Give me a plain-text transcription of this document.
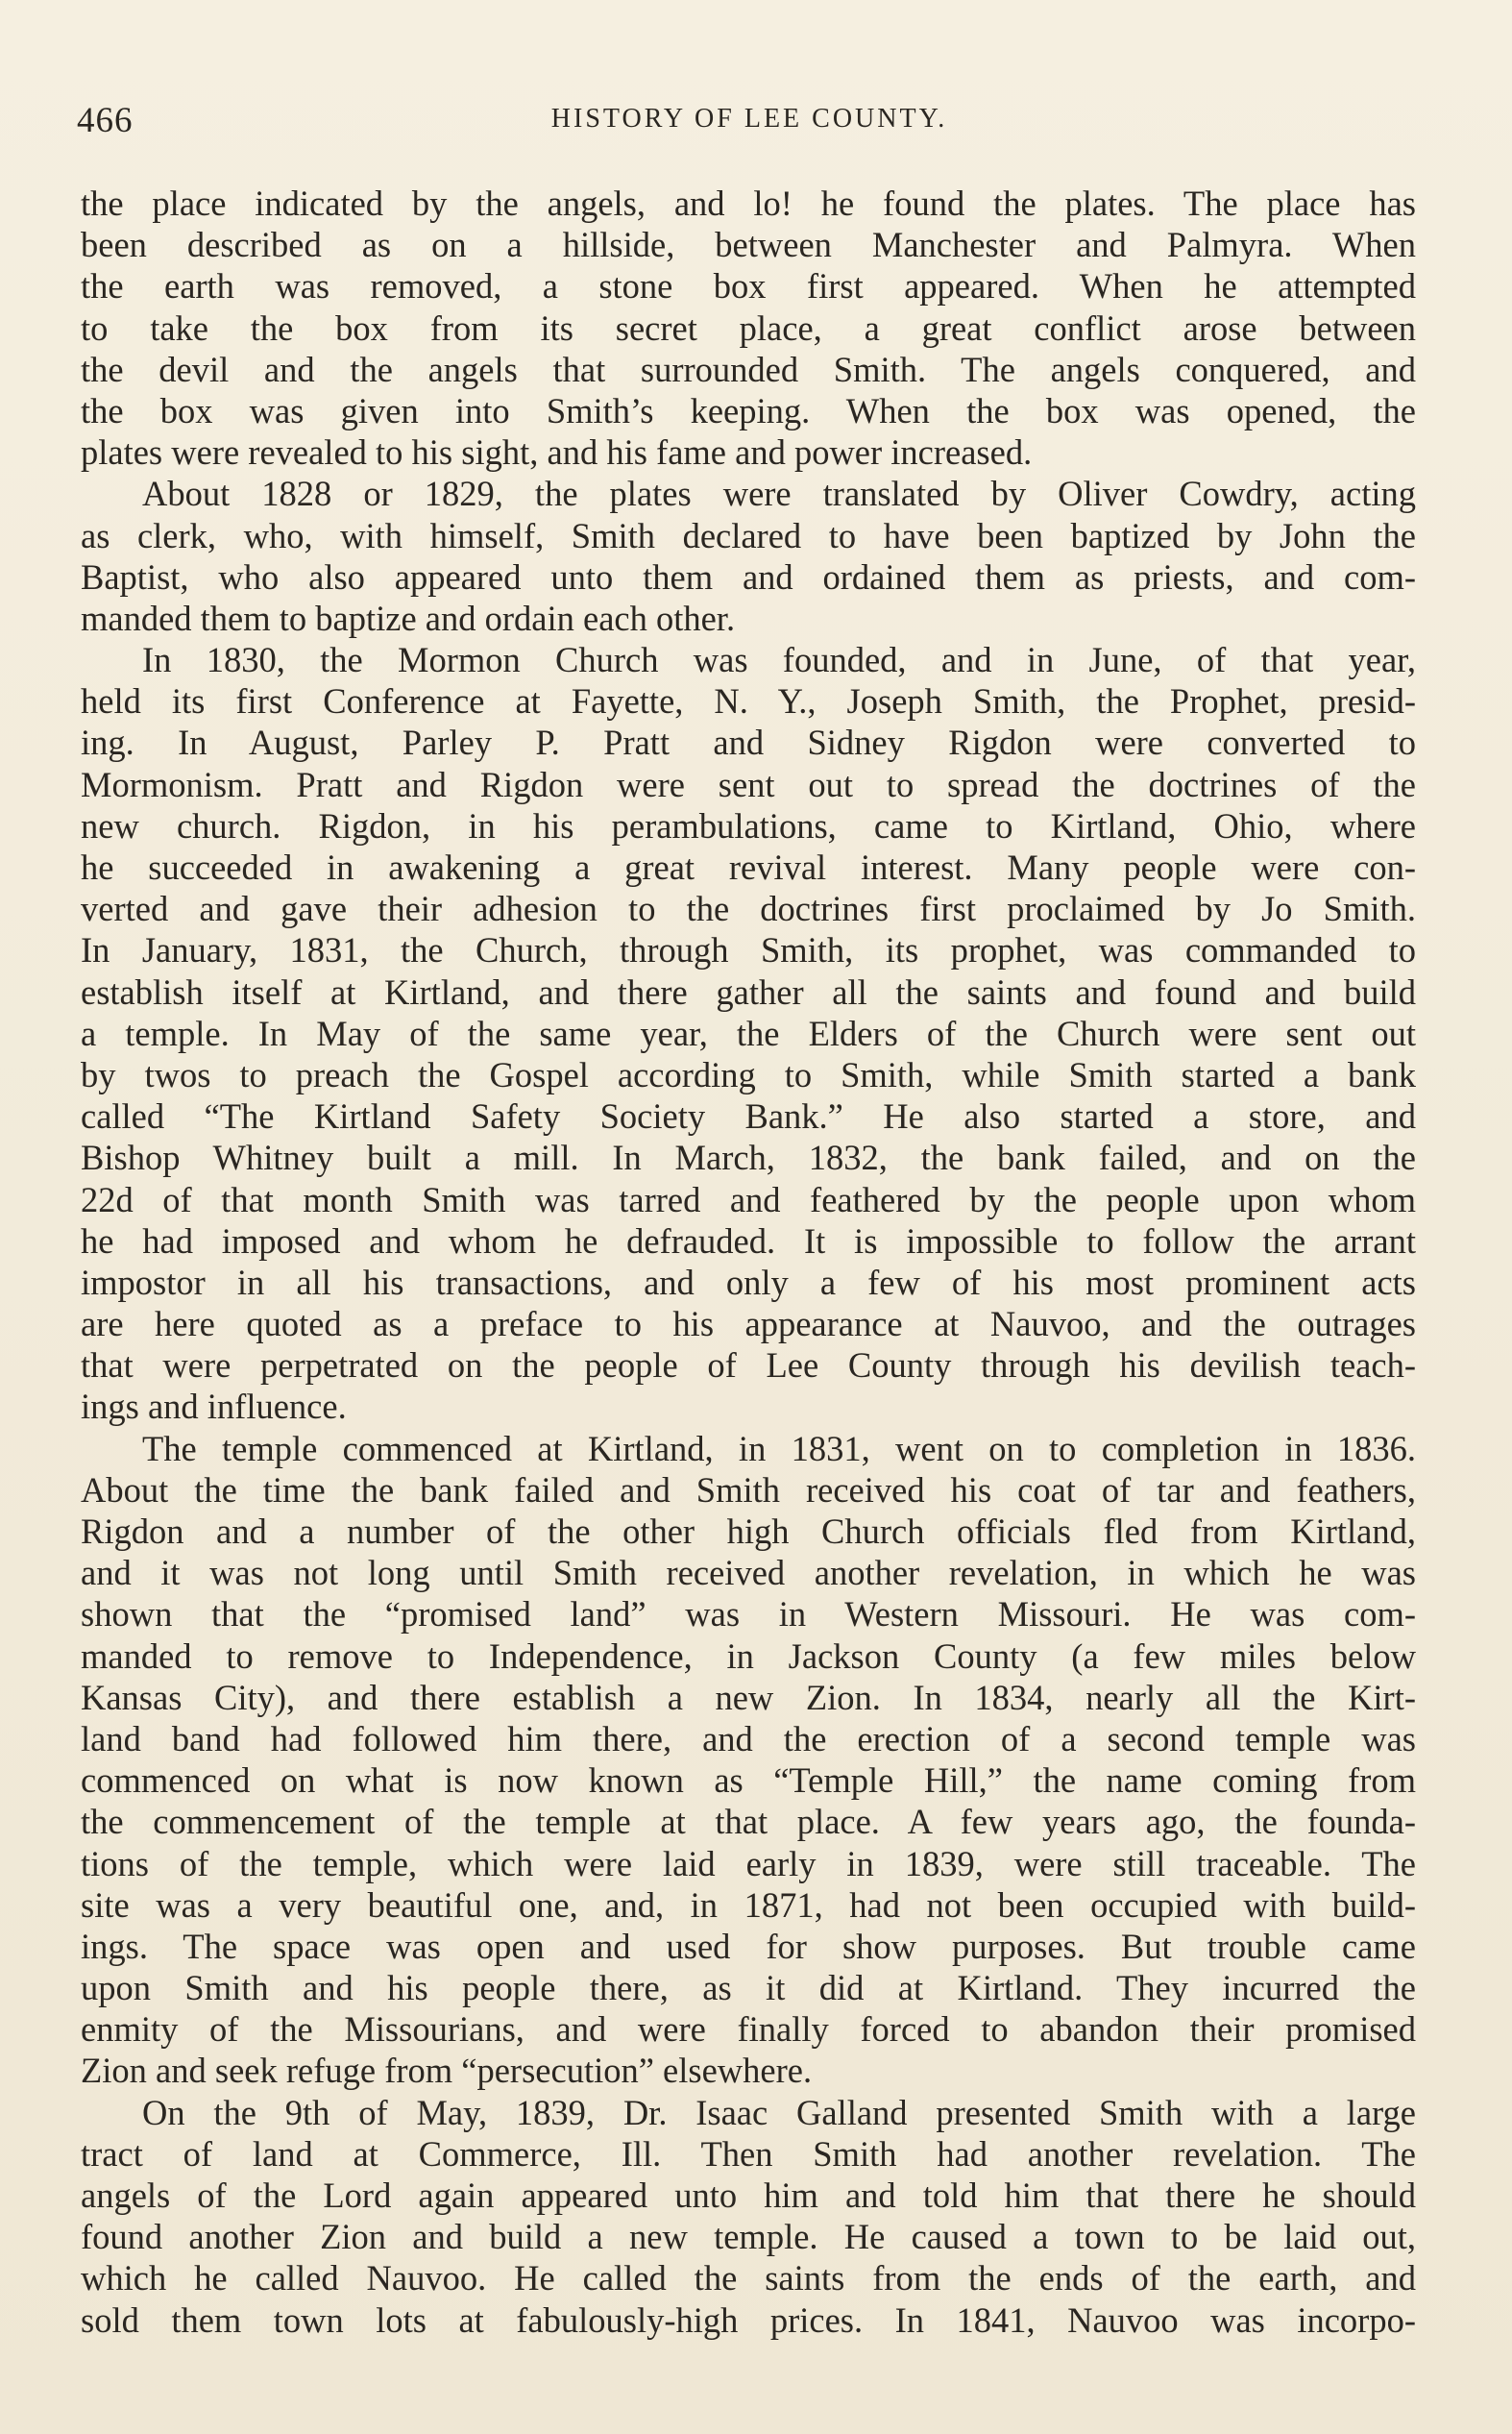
466	HISTORY OF LEE COUNTY.
the place indicated by the angels, and lo! he found the plates. The place has
been described as on a hillside, between Manchester and Palmyra. When
the earth was removed, a stone box first appeared. When he attempted
to take the box from its secret place, a great conflict arose between
the devil and the angels that surrounded Smith. The angels conquered, and
the box was given into Smith’s keeping. When the box was opened, the
plates were revealed to his sight, and his fame and power increased.
About 1828 or 1829, the plates were translated by Oliver Cowdry, acting
as clerk, who, with himself, Smith declared to have been baptized by John the
Baptist, who also appeared unto them and ordained them as priests, and com-
manded them to baptize and ordain each other.
In 1830, the Mormon Church was founded, and in June, of that year,
held its first Conference at Fayette, N. Y., Joseph Smith, the Prophet, presid-
ing. In August, Parley P. Pratt and Sidney Rigdon were converted to
Mormonism. Pratt and Rigdon were sent out to spread the doctrines of the
new church. Rigdon, in his perambulations, came to Kirtland, Ohio, where
he succeeded in awakening a great revival interest. Many people were con-
verted and gave their adhesion to the doctrines first proclaimed by Jo Smith.
In January, 1831, the Church, through Smith, its prophet, was commanded to
establish itself at Kirtland, and there gather all the saints and found and build
a temple. In May of the same year, the Elders of the Church were sent out
by twos to preach the Gospel according to Smith, while Smith started a bank
called “The Kirtland Safety Society Bank.” He also started a store, and
Bishop Whitney built a mill. In March, 1832, the bank failed, and on the
22d of that month Smith was tarred and feathered by the people upon whom
he had imposed and whom he defrauded. It is impossible to follow the arrant
impostor in all his transactions, and only a few of his most prominent acts
are here quoted as a preface to his appearance at Nauvoo, and the outrages
that were perpetrated on the people of Lee County through his devilish teach-
ings and influence.
The temple commenced at Kirtland, in 1831, went on to completion in 1836.
About the time the bank failed and Smith received his coat of tar and feathers,
Rigdon and a number of the other high Church officials fled from Kirtland,
and it was not long until Smith received another revelation, in which he was
shown that the “promised land” was in Western Missouri. He was com-
manded to remove to Independence, in Jackson County (a few miles below
Kansas City), and there establish a new Zion. In 1834, nearly all the Kirt-
land band had followed him there, and the erection of a second temple was
commenced on what is now known as “Temple Hill,” the name coming from
the commencement of the temple at that place. A few years ago, the founda-
tions of the temple, which were laid early in 1839, were still traceable. The
site was a very beautiful one, and, in 1871, had not been occupied with build-
ings. The space was open and used for show purposes. But trouble came
upon Smith and his people there, as it did at Kirtland. They incurred the
enmity of the Missourians, and were finally forced to abandon their promised
Zion and seek refuge from “persecution” elsewhere.
On the 9th of May, 1839, Dr. Isaac Galland presented Smith with a large
tract of land at Commerce, Ill. Then Smith had another revelation. The
angels of the Lord again appeared unto him and told him that there he should
found another Zion and build a new temple. He caused a town to be laid out,
which he called Nauvoo. He called the saints from the ends of the earth, and
sold them town lots at fabulously-high prices. In 1841, Nauvoo was incorpo-
